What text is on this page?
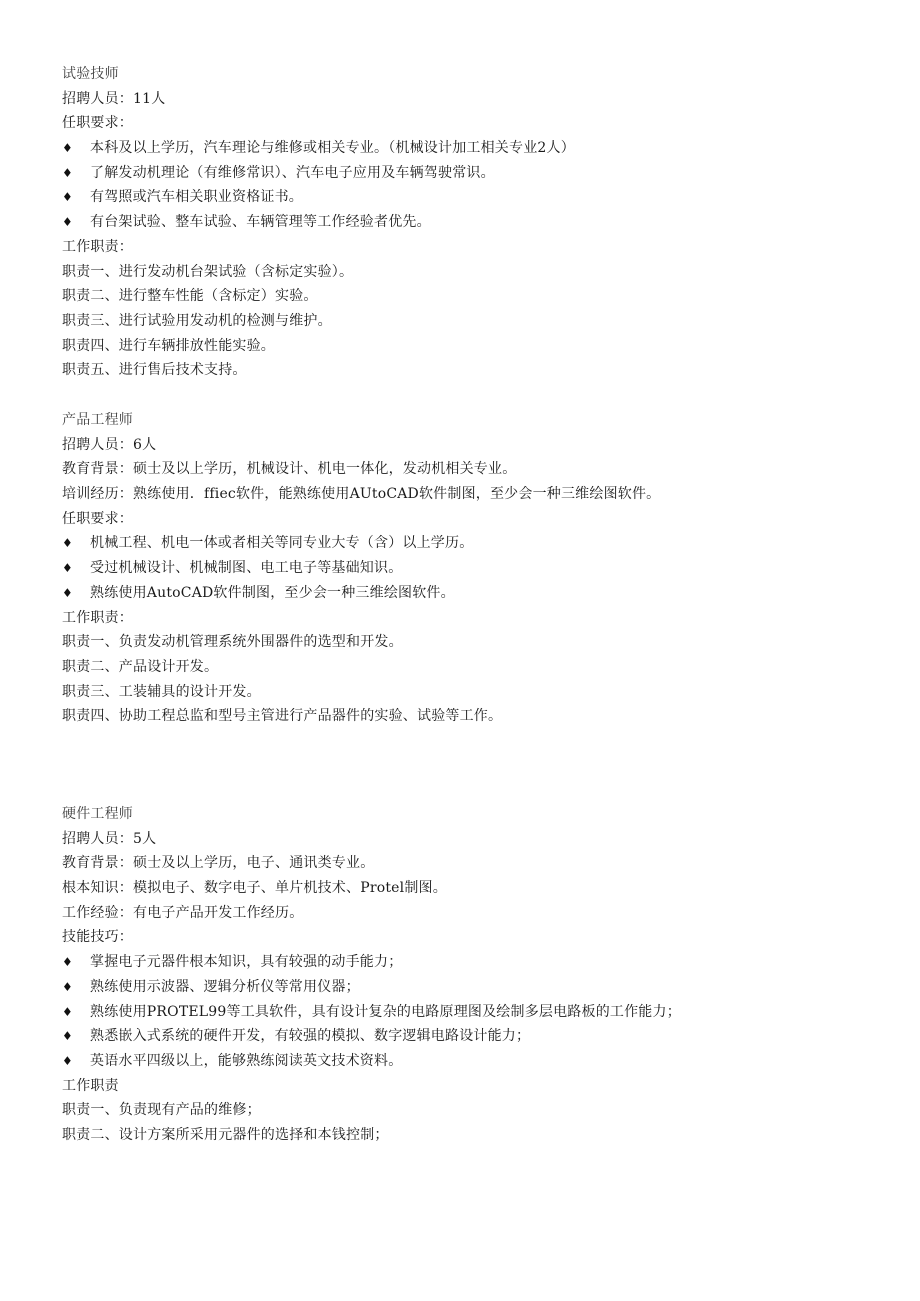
试验技师
招聘人员：11人
任职要求：
♦	本科及以上学历，汽车理论与维修或相关专业。（机械设计加工相关专业2人）
♦	了解发动机理论（有维修常识）、汽车电子应用及车辆驾驶常识。
♦	有驾照或汽车相关职业资格证书。
♦	有台架试验、整车试验、车辆管理等工作经验者优先。
工作职责：
职责一、进行发动机台架试验（含标定实验）。
职责二、进行整车性能（含标定）实验。
职责三、进行试验用发动机的检测与维护。
职责四、进行车辆排放性能实验。
职责五、进行售后技术支持。
产品工程师
招聘人员：6人
教育背景：硕士及以上学历，机械设计、机电一体化，发动机相关专业。
培训经历：熟练使用．ffiec软件，能熟练使用AUtoCAD软件制图，至少会一种三维绘图软件。
任职要求：
♦	机械工程、机电一体或者相关等同专业大专（含）以上学历。
♦	受过机械设计、机械制图、电工电子等基础知识。
♦	熟练使用AutoCAD软件制图，至少会一种三维绘图软件。
工作职责：
职责一、负责发动机管理系统外围器件的选型和开发。
职责二、产品设计开发。
职责三、工装辅具的设计开发。
职责四、协助工程总监和型号主管进行产品器件的实验、试验等工作。
硬件工程师
招聘人员：5人
教育背景：硕士及以上学历，电子、通讯类专业。
根本知识：模拟电子、数字电子、单片机技术、Protel制图。
工作经验：有电子产品开发工作经历。
技能技巧：
♦	掌握电子元器件根本知识，具有较强的动手能力；
♦	熟练使用示波器、逻辑分析仪等常用仪器；
♦	熟练使用PROTEL99等工具软件，具有设计复杂的电路原理图及绘制多层电路板的工作能力；
♦	熟悉嵌入式系统的硬件开发，有较强的模拟、数字逻辑电路设计能力；
♦	英语水平四级以上，能够熟练阅读英文技术资料。
工作职责
职责一、负责现有产品的维修；
职责二、设计方案所采用元器件的选择和本钱控制；
